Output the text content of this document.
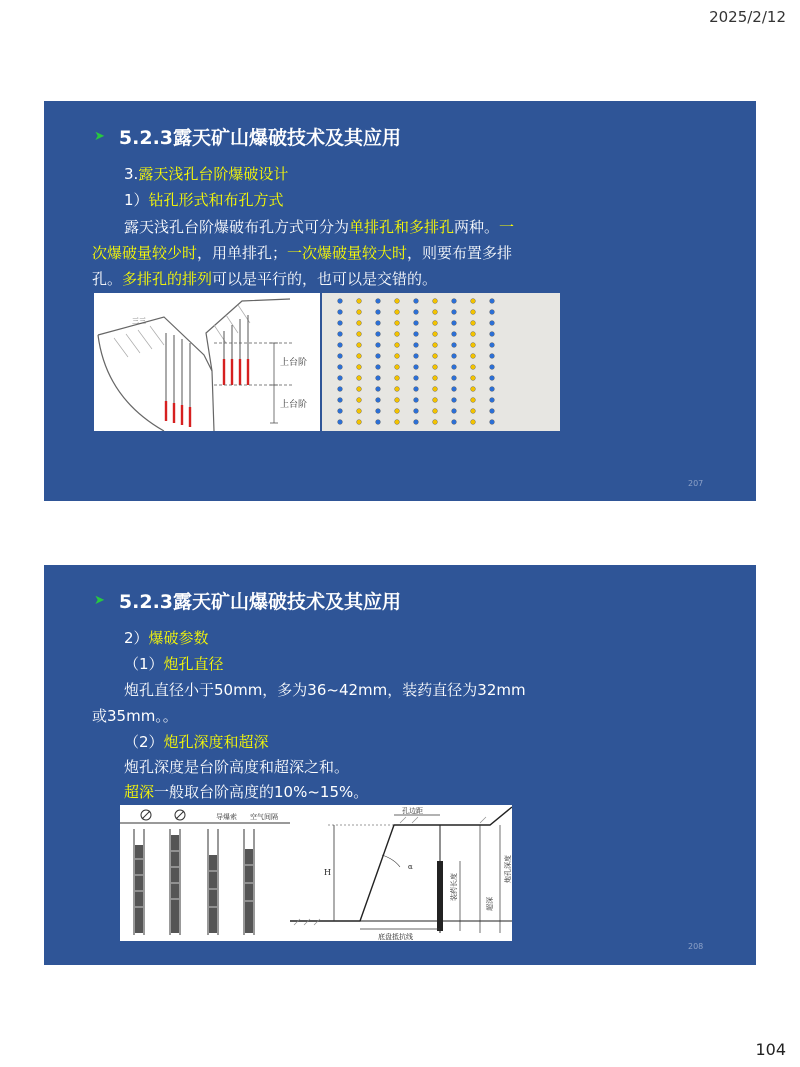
2025/2/12
➤ 5.2.3露天矿山爆破技术及其应用
3.露天浅孔台阶爆破设计
1）钻孔形式和布孔方式
露天浅孔台阶爆破布孔方式可分为单排孔和多排孔两种。一
次爆破量较少时，用单排孔；一次爆破量较大时，则要布置多排
孔。多排孔的排列可以是平行的，也可以是交错的。
上台阶
上台阶
三三
207
➤ 5.2.3露天矿山爆破技术及其应用
2）爆破参数
（1）炮孔直径
炮孔直径小于50mm，多为36~42mm，装药直径为32mm
或35mm。。
（2）炮孔深度和超深
炮孔深度是台阶高度和超深之和。
超深一般取台阶高度的10%~15%。
导爆索 空气间隔
H
孔边距
α
装药长度
超深
炮孔深度
底盘抵抗线
208
104
